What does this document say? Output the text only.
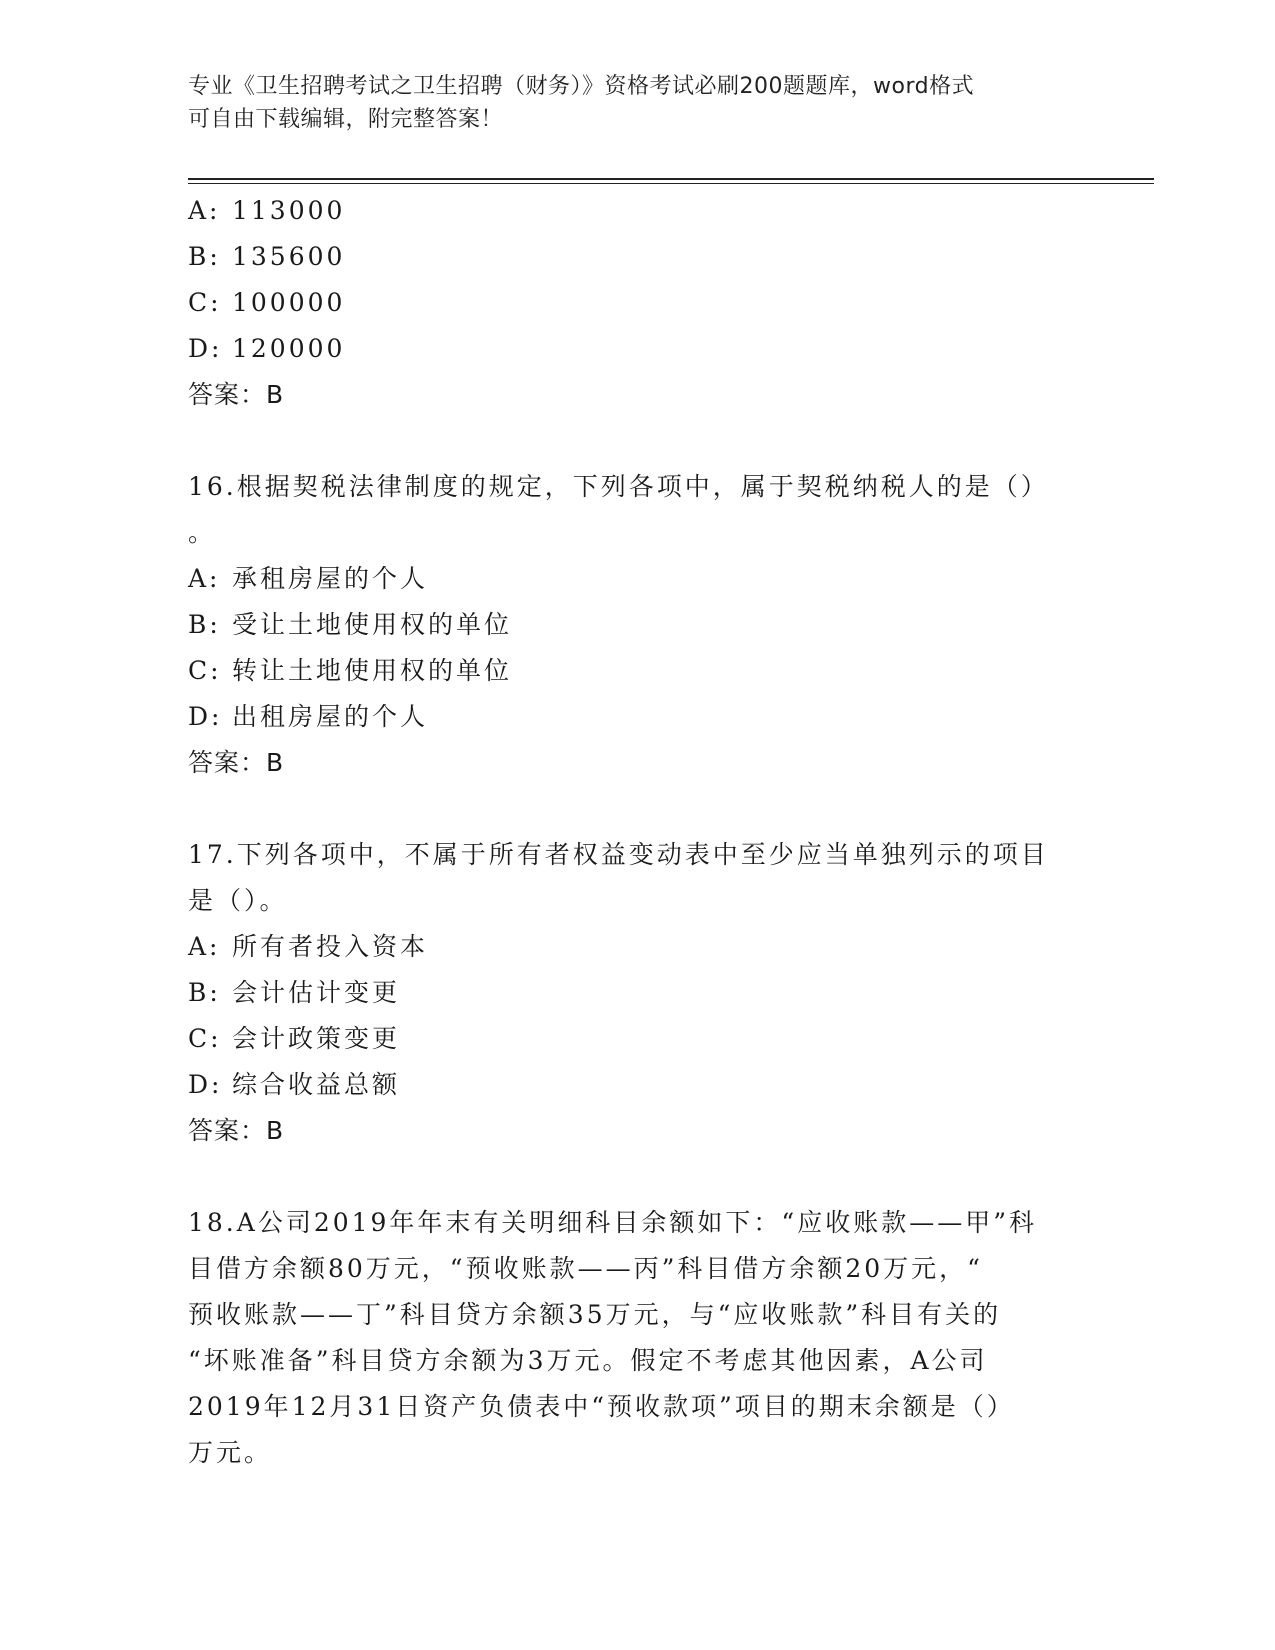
专业《卫生招聘考试之卫生招聘（财务）》资格考试必刷200题题库，word格式
可自由下载编辑，附完整答案！
A: 113000
B: 135600
C: 100000
D: 120000
答案：B
16.根据契税法律制度的规定，下列各项中，属于契税纳税人的是（）
。
A: 承租房屋的个人
B: 受让土地使用权的单位
C: 转让土地使用权的单位
D: 出租房屋的个人
答案：B
17.下列各项中，不属于所有者权益变动表中至少应当单独列示的项目
是（）。
A: 所有者投入资本
B: 会计估计变更
C: 会计政策变更
D: 综合收益总额
答案：B
18.A公司2019年年末有关明细科目余额如下：“应收账款——甲”科
目借方余额80万元，“预收账款——丙”科目借方余额20万元，“
预收账款——丁”科目贷方余额35万元，与“应收账款”科目有关的
“坏账准备”科目贷方余额为3万元。假定不考虑其他因素，A公司
2019年12月31日资产负债表中“预收款项”项目的期末余额是（）
万元。
